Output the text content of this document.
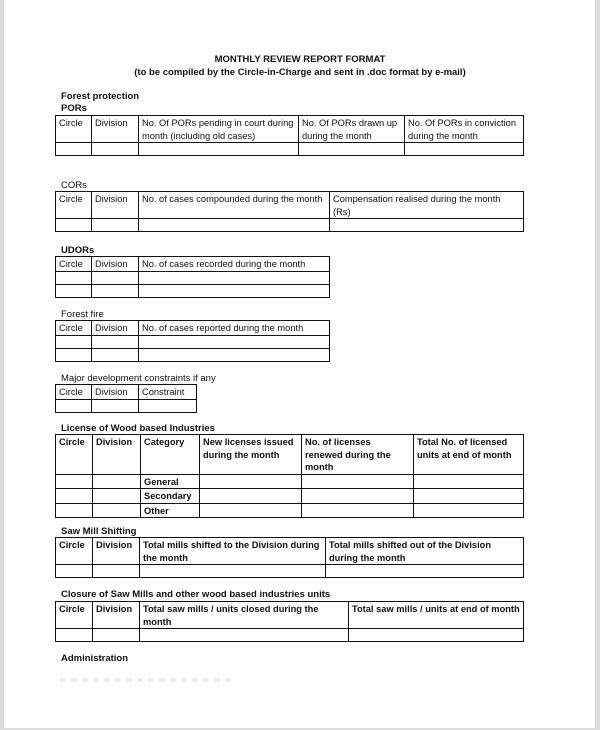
MONTHLY REVIEW REPORT FORMAT
(to be compiled by the Circle-in-Charge and sent in .doc format by e-mail)
Forest protection
PORs
Circle	Division	No. Of PORs pending in court during month (including old cases)	No. Of PORs drawn up during the month	No. Of PORs in conviction during the month

CORs
Circle	Division	No. of cases compounded during the month	Compensation realised during the month (Rs)

UDORs
Circle	Division	No. of cases recorded during the month

Forest fire
Circle	Division	No. of cases reported during the month

Major development constraints if any
Circle	Division	Constraint

License of Wood based Industries
Circle	Division	Category	New licenses issued during the month	No. of licenses renewed during the month	Total No. of licensed units at end of month
		General			
		Secondary			
		Other			
Saw Mill Shifting
Circle	Division	Total mills shifted to the Division during the month	Total mills shifted out of the Division during the month

Closure of Saw Mills and other wood based industries units
Circle	Division	Total saw mills / units closed during the month	Total saw mills / units at end of month

Administration
